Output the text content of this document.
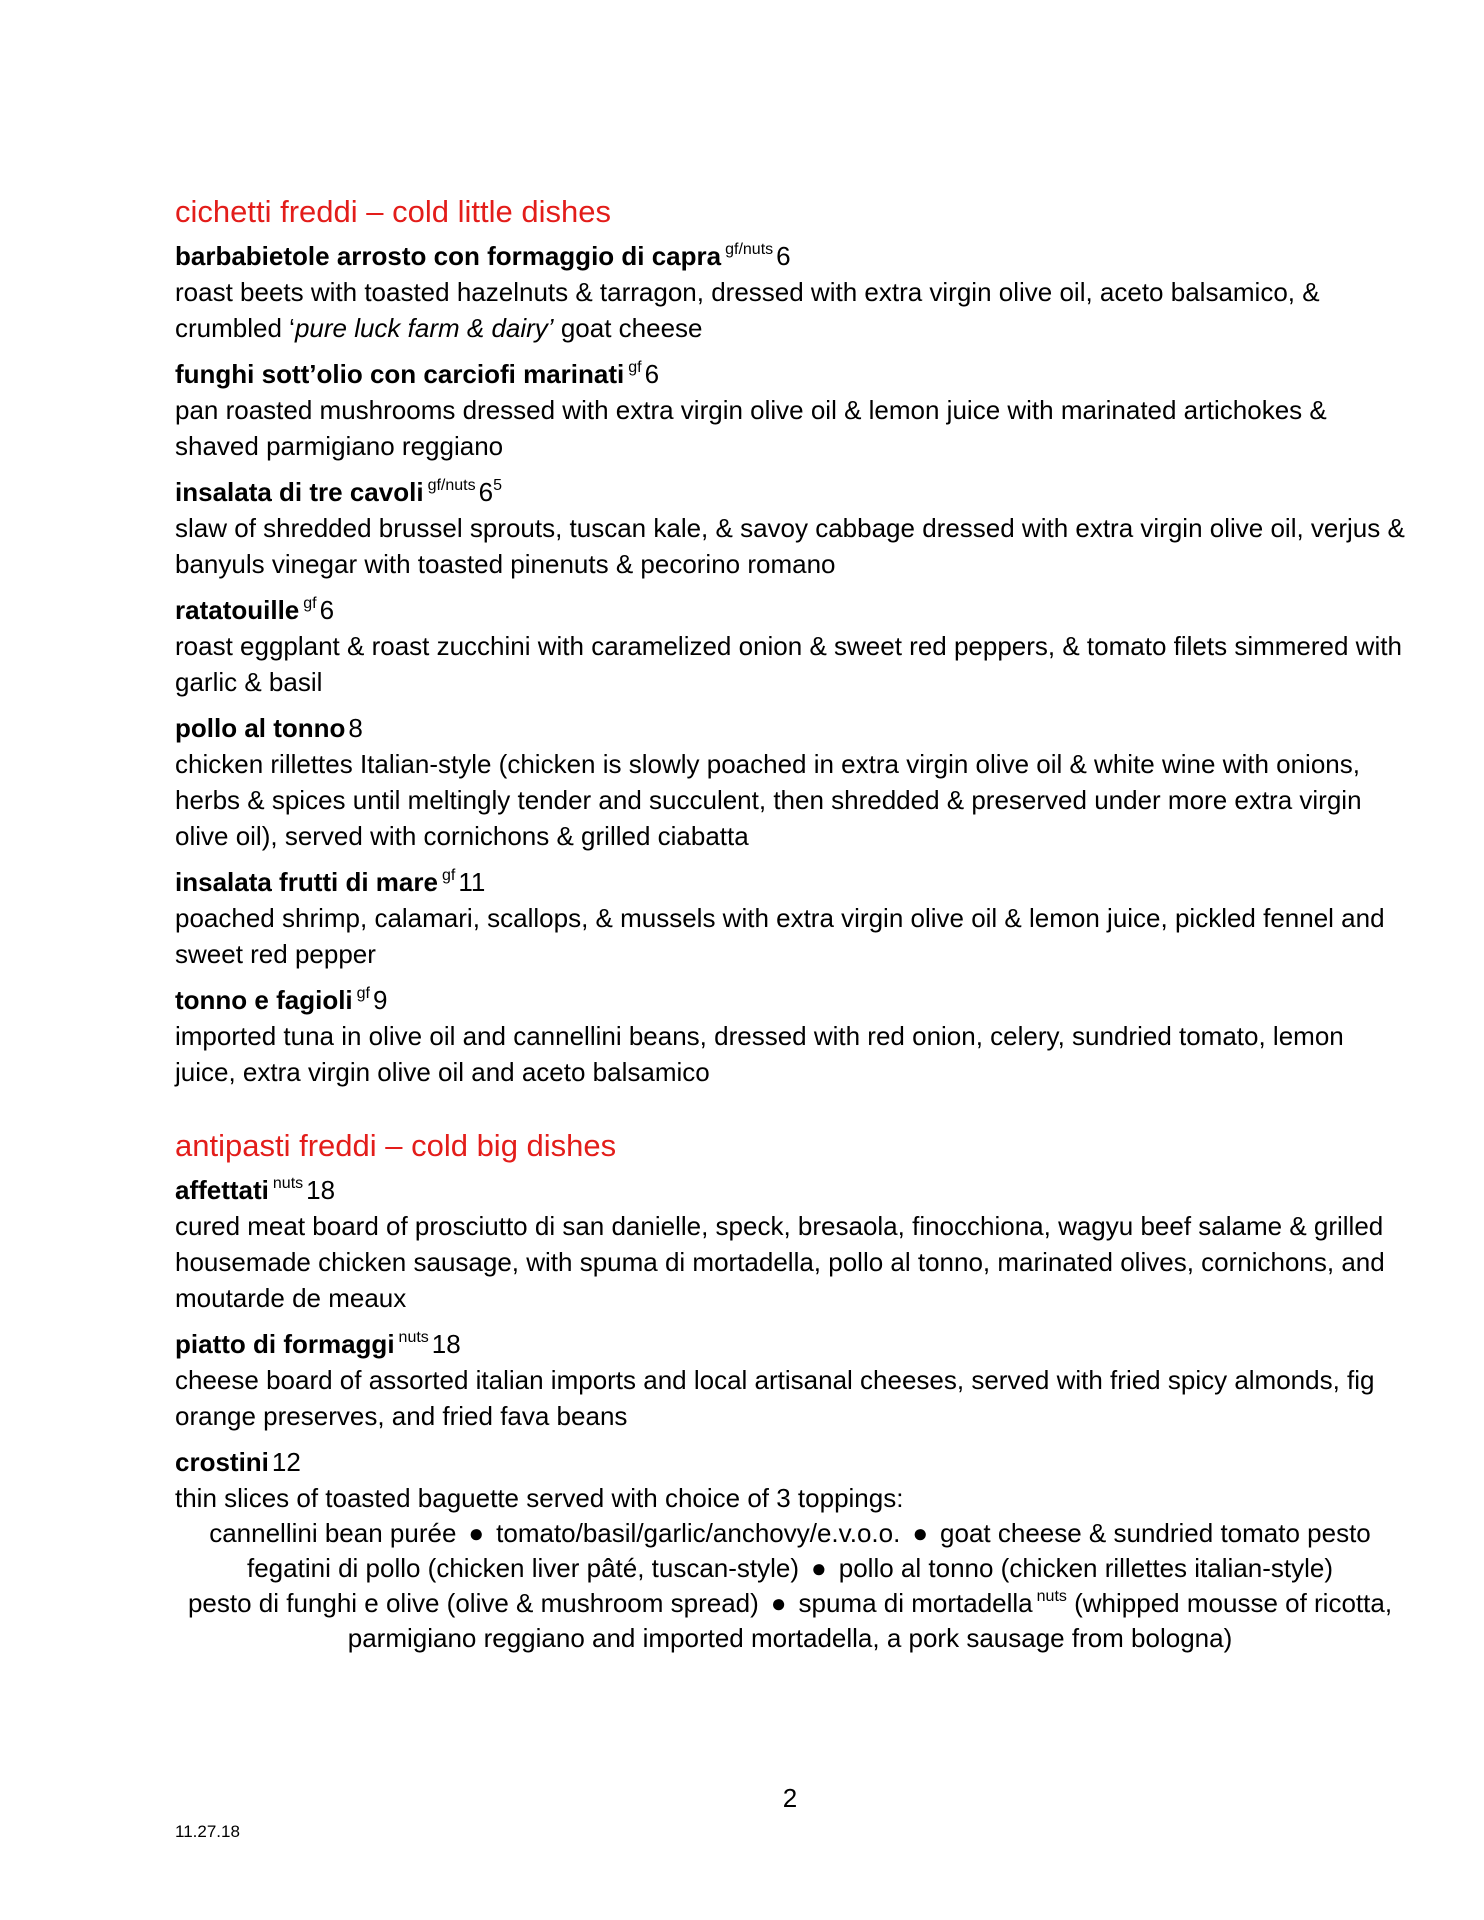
cichetti freddi – cold little dishes
barbabietole arrosto con formaggio di capra $^{gf/nuts}$ 6
roast beets with toasted hazelnuts & tarragon, dressed with extra virgin olive oil, aceto balsamico, & crumbled ‘pure luck farm & dairy’ goat cheese
funghi sott’olio con carciofi marinati $^{gf}$ 6
pan roasted mushrooms dressed with extra virgin olive oil & lemon juice with marinated artichokes & shaved parmigiano reggiano
insalata di tre cavoli $^{gf/nuts}$ $6^5$
slaw of shredded brussel sprouts, tuscan kale, & savoy cabbage dressed with extra virgin olive oil, verjus & banyuls vinegar with toasted pinenuts & pecorino romano
ratatouille $^{gf}$ 6
roast eggplant & roast zucchini with caramelized onion & sweet red peppers, & tomato filets simmered with garlic & basil
pollo al tonno 8
chicken rillettes Italian-style (chicken is slowly poached in extra virgin olive oil & white wine with onions, herbs & spices until meltingly tender and succulent, then shredded & preserved under more extra virgin olive oil), served with cornichons & grilled ciabatta
insalata frutti di mare $^{gf}$ 11
poached shrimp, calamari, scallops, & mussels with extra virgin olive oil & lemon juice, pickled fennel and sweet red pepper
tonno e fagioli $^{gf}$ 9
imported tuna in olive oil and cannellini beans, dressed with red onion, celery, sundried tomato, lemon juice, extra virgin olive oil and aceto balsamico
antipasti freddi – cold big dishes
affettati $^{nuts}$ 18
cured meat board of prosciutto di san danielle, speck, bresaola, finocchiona, wagyu beef salame & grilled housemade chicken sausage, with spuma di mortadella, pollo al tonno, marinated olives, cornichons, and moutarde de meaux
piatto di formaggi $^{nuts}$ 18
cheese board of assorted italian imports and local artisanal cheeses, served with fried spicy almonds, fig orange preserves, and fried fava beans
crostini 12
thin slices of toasted baguette served with choice of 3 toppings:
cannellini bean purée ● tomato/basil/garlic/anchovy/e.v.o.o. ● goat cheese & sundried tomato pesto
fegatini di pollo (chicken liver pâté, tuscan-style) ● pollo al tonno (chicken rillettes italian-style)
pesto di funghi e olive (olive & mushroom spread) ● spuma di mortadella $^{nuts}$ (whipped mousse of ricotta, parmigiano reggiano and imported mortadella, a pork sausage from bologna)
2
11.27.18
